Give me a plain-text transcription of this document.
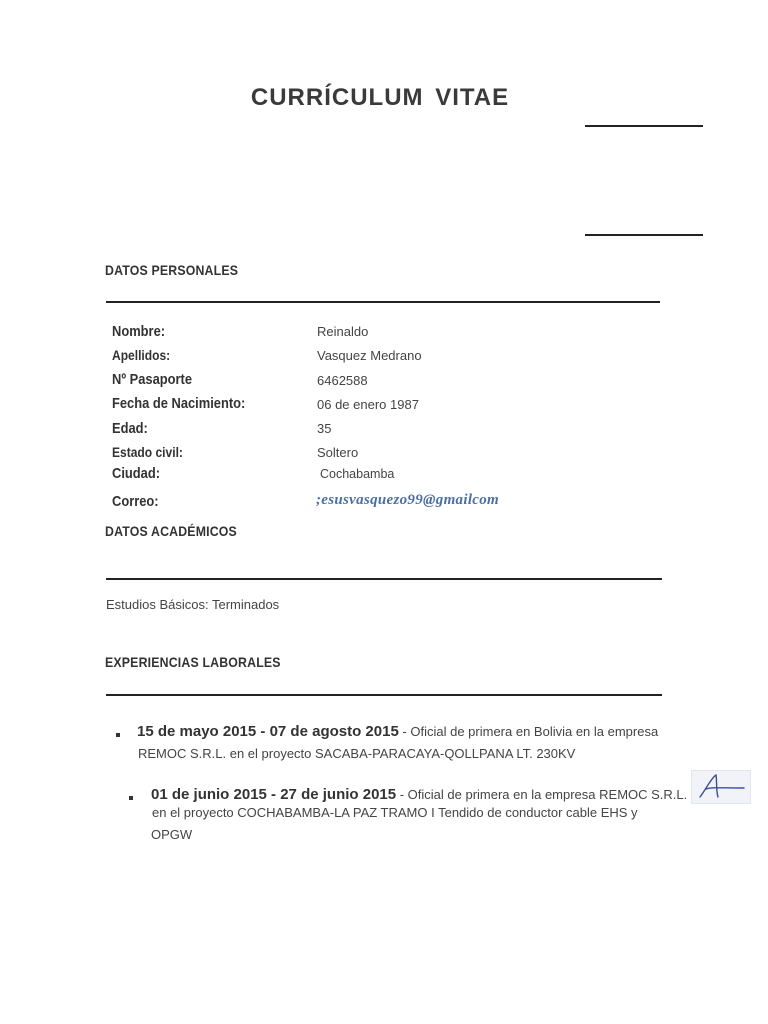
CURRÍCULUM VITAE
DATOS PERSONALES
Nombre:	Reinaldo
Apellidos:	Vasquez Medrano
Nº Pasaporte	6462588
Fecha de Nacimiento:	06 de enero 1987
Edad:	35
Estado civil:	Soltero
Ciudad:	Cochabamba
Correo:	;esusvasquezo99@gmailcom
DATOS ACADÉMICOS
Estudios Básicos: Terminados
EXPERIENCIAS LABORALES
15 de mayo 2015 - 07 de agosto 2015 - Oficial de primera en Bolivia en la empresa
REMOC S.R.L. en el proyecto SACABA-PARACAYA-QOLLPANA LT. 230KV
01 de junio 2015 - 27 de junio 2015 - Oficial de primera en la empresa REMOC S.R.L.
en el proyecto COCHABAMBA-LA PAZ TRAMO I Tendido de conductor cable EHS y
OPGW
